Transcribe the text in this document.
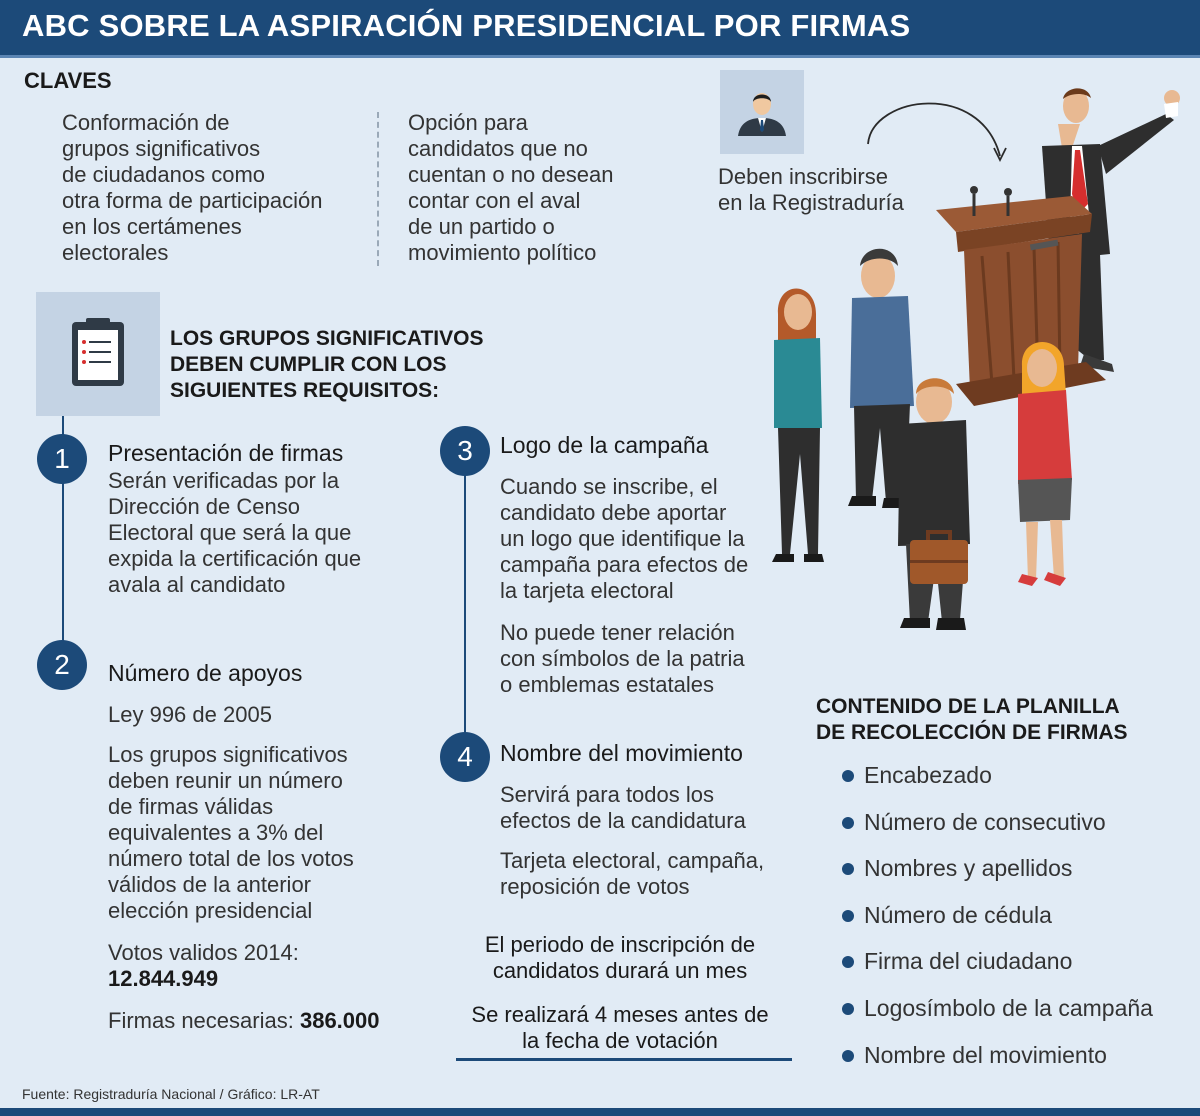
ABC SOBRE LA ASPIRACIÓN PRESIDENCIAL POR FIRMAS
CLAVES
Conformación de
grupos significativos
de ciudadanos como
otra forma de participación
en los certámenes
electorales
Opción para
candidatos que no
cuentan o no desean
contar con el aval
de un partido o
movimiento político
Deben inscribirse
en la Registraduría
LOS GRUPOS SIGNIFICATIVOS
DEBEN CUMPLIR CON LOS
SIGUIENTES REQUISITOS:
1	Presentación de firmas
Serán verificadas por la
Dirección de Censo
Electoral que será la que
expida la certificación que
avala al candidato
2	Número de apoyos
Ley 996 de 2005
Los grupos significativos
deben reunir un número
de firmas válidas
equivalentes a 3% del
número total de los votos
válidos de la anterior
elección presidencial
Votos validos 2014:
12.844.949
Firmas necesarias: 386.000
3	Logo de la campaña
Cuando se inscribe, el
candidato debe aportar
un logo que identifique la
campaña para efectos de
la tarjeta electoral
No puede tener relación
con símbolos de la patria
o emblemas estatales
4	Nombre del movimiento
Servirá para todos los
efectos de la candidatura
Tarjeta electoral, campaña,
reposición de votos
El periodo de inscripción de
candidatos durará un mes
Se realizará 4 meses antes de
la fecha de votación
CONTENIDO DE LA PLANILLA
DE RECOLECCIÓN DE FIRMAS
Encabezado
Número de consecutivo
Nombres y apellidos
Número de cédula
Firma del ciudadano
Logosímbolo de la campaña
Nombre del movimiento
Fuente: Registraduría Nacional / Gráfico: LR-AT
